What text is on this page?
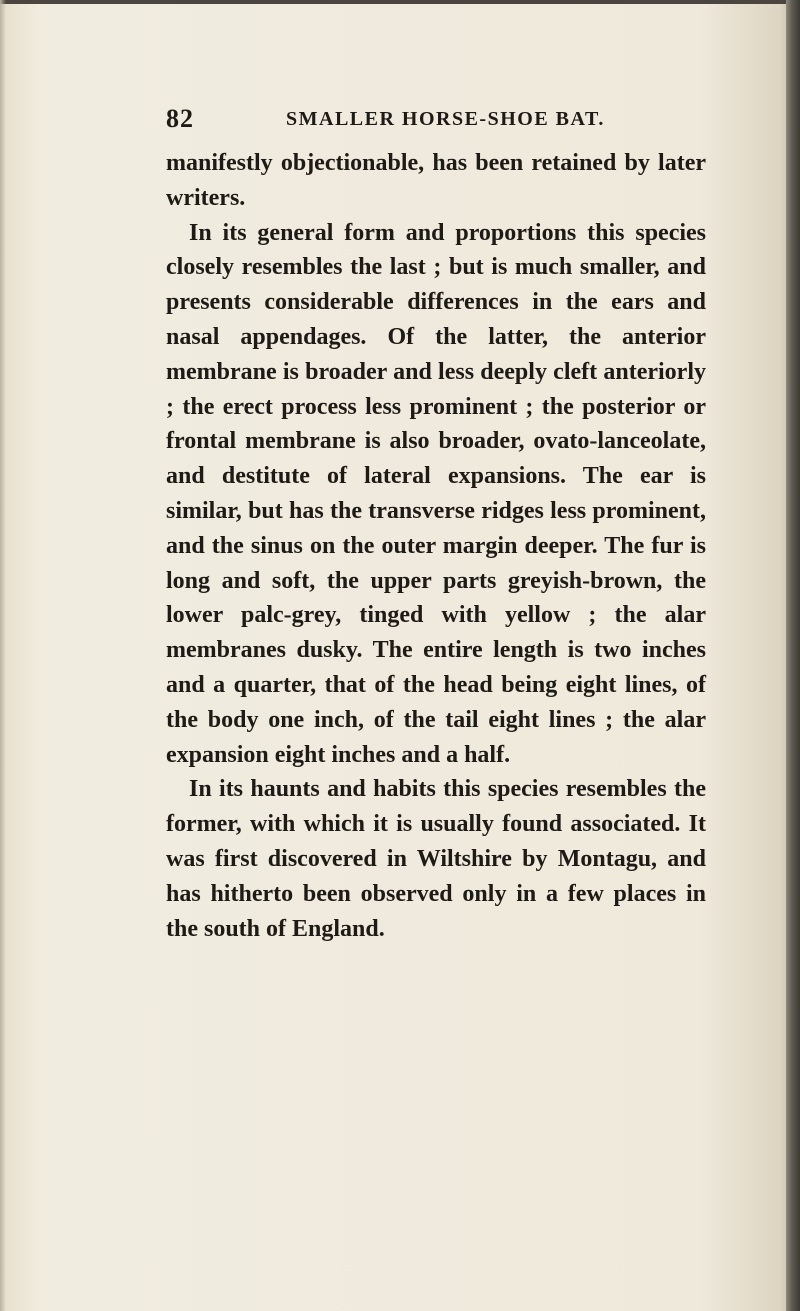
82	SMALLER HORSE-SHOE BAT.

manifestly objectionable, has been retained by later writers.

In its general form and proportions this species closely resembles the last ; but is much smaller, and presents considerable differences in the ears and nasal appendages. Of the latter, the anterior membrane is broader and less deeply cleft anteriorly ; the erect process less prominent ; the posterior or frontal membrane is also broader, ovato-lanceolate, and destitute of lateral expansions. The ear is similar, but has the transverse ridges less prominent, and the sinus on the outer margin deeper. The fur is long and soft, the upper parts greyish-brown, the lower palc-grey, tinged with yellow ; the alar membranes dusky. The entire length is two inches and a quarter, that of the head being eight lines, of the body one inch, of the tail eight lines ; the alar expansion eight inches and a half.

In its haunts and habits this species resembles the former, with which it is usually found associated. It was first discovered in Wiltshire by Montagu, and has hitherto been observed only in a few places in the south of England.
